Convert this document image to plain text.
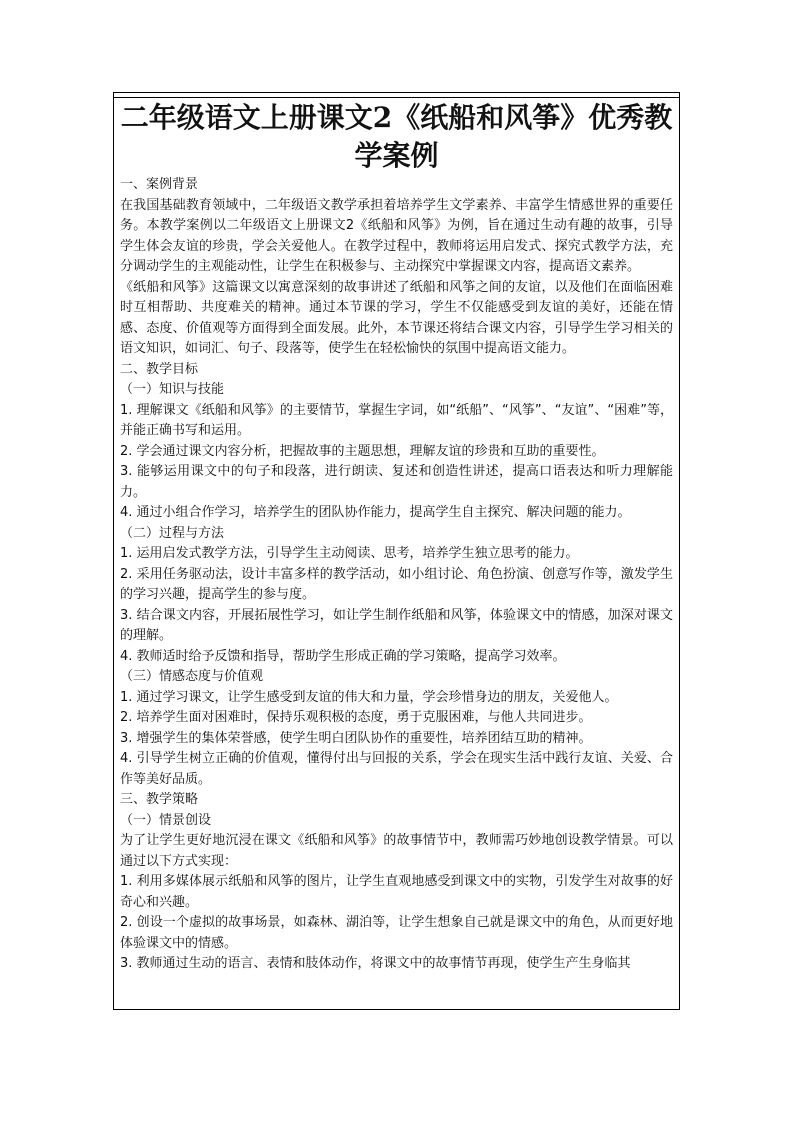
二年级语文上册课文2《纸船和风筝》优秀教学案例

一、案例背景

在我国基础教育领域中，二年级语文教学承担着培养学生文学素养、丰富学生情感世界的重要任务。本教学案例以二年级语文上册课文2《纸船和风筝》为例，旨在通过生动有趣的故事，引导学生体会友谊的珍贵，学会关爱他人。在教学过程中，教师将运用启发式、探究式教学方法，充分调动学生的主观能动性，让学生在积极参与、主动探究中掌握课文内容，提高语文素养。

《纸船和风筝》这篇课文以寓意深刻的故事讲述了纸船和风筝之间的友谊，以及他们在面临困难时互相帮助、共度难关的精神。通过本节课的学习，学生不仅能感受到友谊的美好，还能在情感、态度、价值观等方面得到全面发展。此外，本节课还将结合课文内容，引导学生学习相关的语文知识，如词汇、句子、段落等，使学生在轻松愉快的氛围中提高语文能力。

二、教学目标

（一）知识与技能

1. 理解课文《纸船和风筝》的主要情节，掌握生字词，如“纸船”、“风筝”、“友谊”、“困难”等，并能正确书写和运用。

2. 学会通过课文内容分析，把握故事的主题思想，理解友谊的珍贵和互助的重要性。

3. 能够运用课文中的句子和段落，进行朗读、复述和创造性讲述，提高口语表达和听力理解能力。

4. 通过小组合作学习，培养学生的团队协作能力，提高学生自主探究、解决问题的能力。

（二）过程与方法

1. 运用启发式教学方法，引导学生主动阅读、思考，培养学生独立思考的能力。

2. 采用任务驱动法，设计丰富多样的教学活动，如小组讨论、角色扮演、创意写作等，激发学生的学习兴趣，提高学生的参与度。

3. 结合课文内容，开展拓展性学习，如让学生制作纸船和风筝，体验课文中的情感，加深对课文的理解。

4. 教师适时给予反馈和指导，帮助学生形成正确的学习策略，提高学习效率。

（三）情感态度与价值观

1. 通过学习课文，让学生感受到友谊的伟大和力量，学会珍惜身边的朋友，关爱他人。

2. 培养学生面对困难时，保持乐观积极的态度，勇于克服困难，与他人共同进步。

3. 增强学生的集体荣誉感，使学生明白团队协作的重要性，培养团结互助的精神。

4. 引导学生树立正确的价值观，懂得付出与回报的关系，学会在现实生活中践行友谊、关爱、合作等美好品质。

三、教学策略

（一）情景创设

为了让学生更好地沉浸在课文《纸船和风筝》的故事情节中，教师需巧妙地创设教学情景。可以通过以下方式实现：

1. 利用多媒体展示纸船和风筝的图片，让学生直观地感受到课文中的实物，引发学生对故事的好奇心和兴趣。

2. 创设一个虚拟的故事场景，如森林、湖泊等，让学生想象自己就是课文中的角色，从而更好地体验课文中的情感。

3. 教师通过生动的语言、表情和肢体动作，将课文中的故事情节再现，使学生产生身临其
